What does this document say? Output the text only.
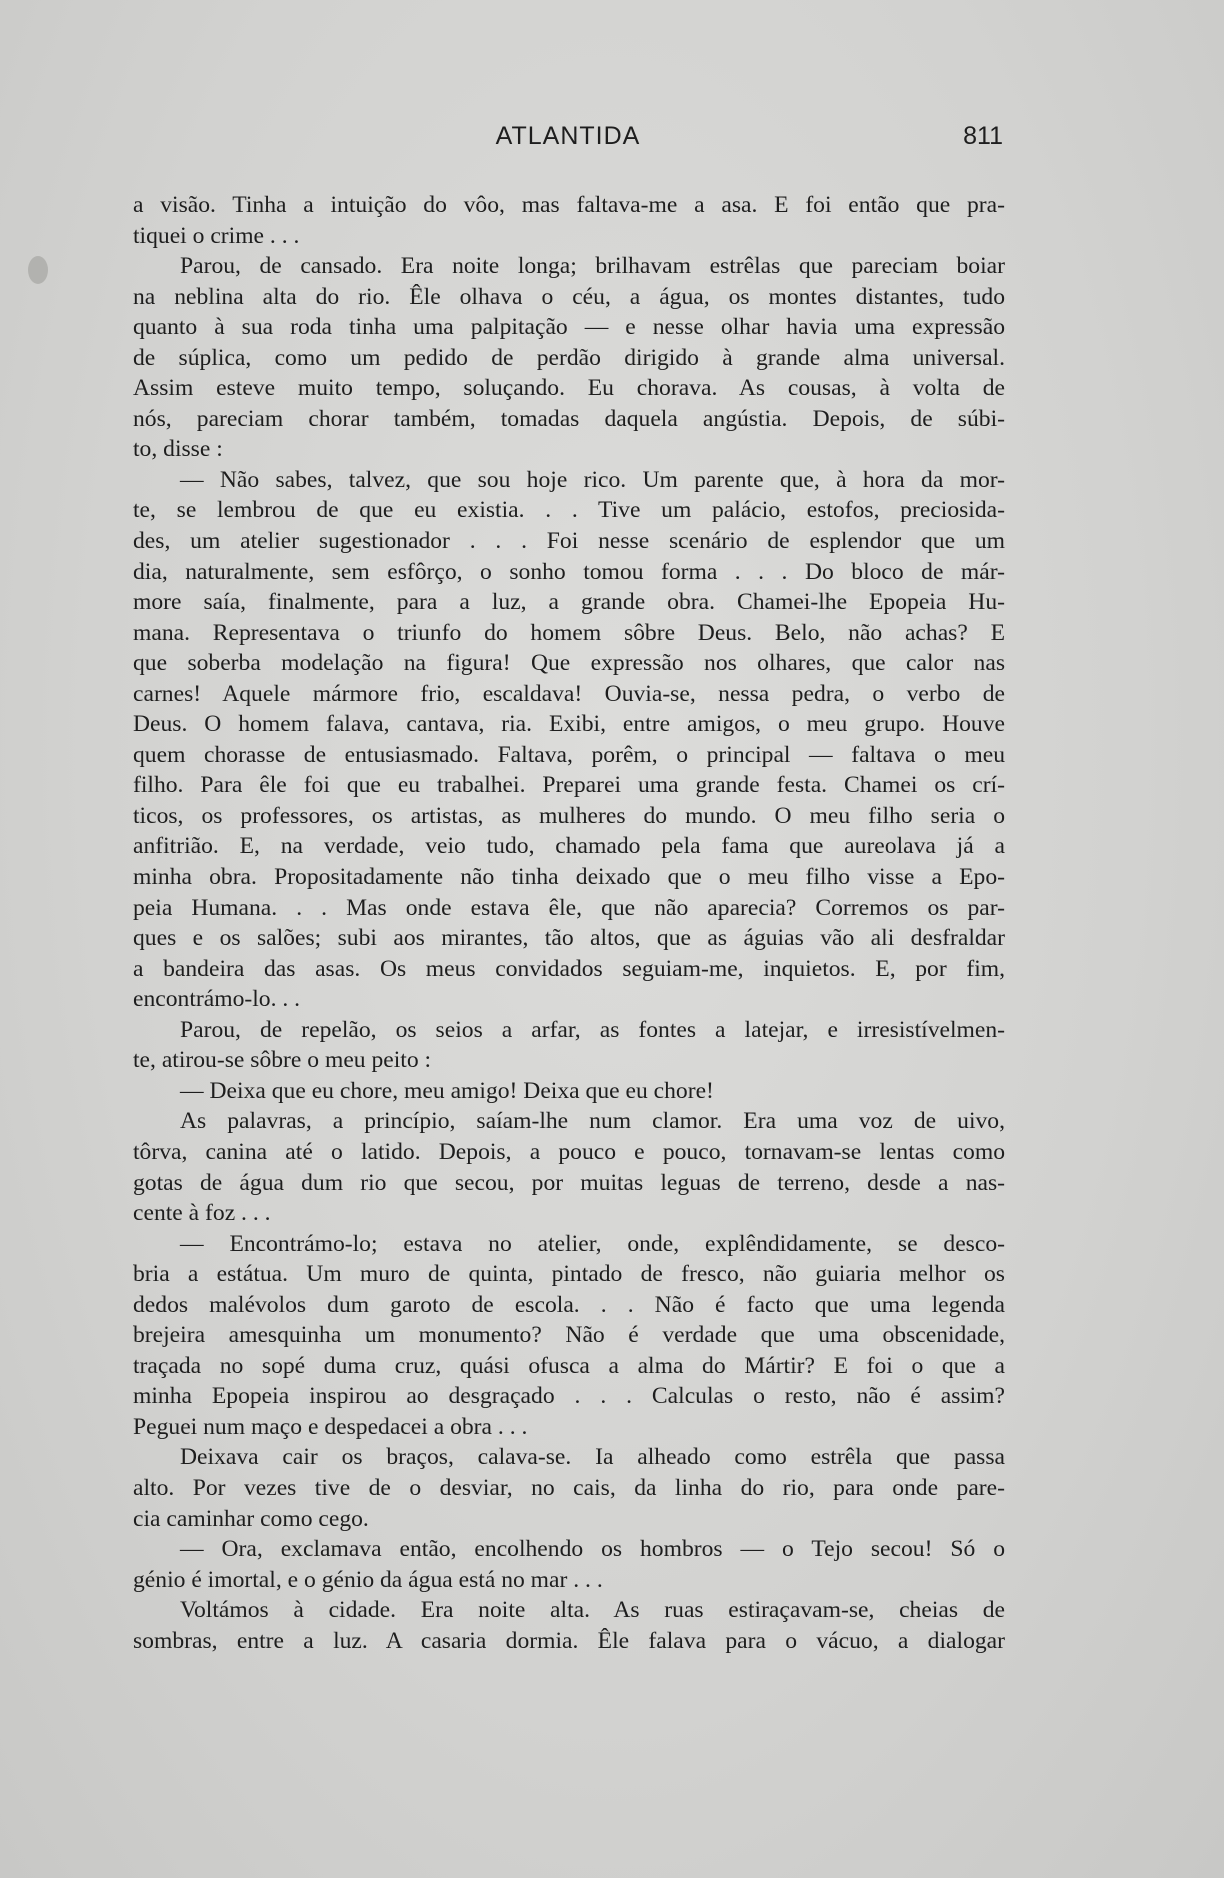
ATLANTIDA	811

a visão. Tinha a intuição do vôo, mas faltava-me a asa. E foi então que pra-

tiquei o crime . . .

Parou, de cansado. Era noite longa; brilhavam estrêlas que pareciam boiar

na neblina alta do rio. Êle olhava o céu, a água, os montes distantes, tudo

quanto à sua roda tinha uma palpitação — e nesse olhar havia uma expressão

de súplica, como um pedido de perdão dirigido à grande alma universal.

Assim esteve muito tempo, soluçando. Eu chorava. As cousas, à volta de

nós, pareciam chorar também, tomadas daquela angústia. Depois, de súbi-

to, disse :

— Não sabes, talvez, que sou hoje rico. Um parente que, à hora da mor-

te, se lembrou de que eu existia. . . Tive um palácio, estofos, preciosida-

des, um atelier sugestionador . . . Foi nesse scenário de esplendor que um

dia, naturalmente, sem esfôrço, o sonho tomou forma . . . Do bloco de már-

more saía, finalmente, para a luz, a grande obra. Chamei-lhe Epopeia Hu-

mana. Representava o triunfo do homem sôbre Deus. Belo, não achas? E

que soberba modelação na figura! Que expressão nos olhares, que calor nas

carnes! Aquele mármore frio, escaldava! Ouvia-se, nessa pedra, o verbo de

Deus. O homem falava, cantava, ria. Exibi, entre amigos, o meu grupo. Houve

quem chorasse de entusiasmado. Faltava, porêm, o principal — faltava o meu

filho. Para êle foi que eu trabalhei. Preparei uma grande festa. Chamei os crí-

ticos, os professores, os artistas, as mulheres do mundo. O meu filho seria o

anfitrião. E, na verdade, veio tudo, chamado pela fama que aureolava já a

minha obra. Propositadamente não tinha deixado que o meu filho visse a Epo-

peia Humana. . . Mas onde estava êle, que não aparecia? Corremos os par-

ques e os salões; subi aos mirantes, tão altos, que as águias vão ali desfraldar

a bandeira das asas. Os meus convidados seguiam-me, inquietos. E, por fim,

encontrámo-lo. . .

Parou, de repelão, os seios a arfar, as fontes a latejar, e irresistívelmen-

te, atirou-se sôbre o meu peito :

— Deixa que eu chore, meu amigo! Deixa que eu chore!

As palavras, a princípio, saíam-lhe num clamor. Era uma voz de uivo,

tôrva, canina até o latido. Depois, a pouco e pouco, tornavam-se lentas como

gotas de água dum rio que secou, por muitas leguas de terreno, desde a nas-

cente à foz . . .

— Encontrámo-lo; estava no atelier, onde, explêndidamente, se desco-

bria a estátua. Um muro de quinta, pintado de fresco, não guiaria melhor os

dedos malévolos dum garoto de escola. . . Não é facto que uma legenda

brejeira amesquinha um monumento? Não é verdade que uma obscenidade,

traçada no sopé duma cruz, quási ofusca a alma do Mártir? E foi o que a

minha Epopeia inspirou ao desgraçado . . . Calculas o resto, não é assim?

Peguei num maço e despedacei a obra . . .

Deixava cair os braços, calava-se. Ia alheado como estrêla que passa

alto. Por vezes tive de o desviar, no cais, da linha do rio, para onde pare-

cia caminhar como cego.

— Ora, exclamava então, encolhendo os hombros — o Tejo secou! Só o

génio é imortal, e o génio da água está no mar . . .

Voltámos à cidade. Era noite alta. As ruas estiraçavam-se, cheias de

sombras, entre a luz. A casaria dormia. Êle falava para o vácuo, a dialogar
